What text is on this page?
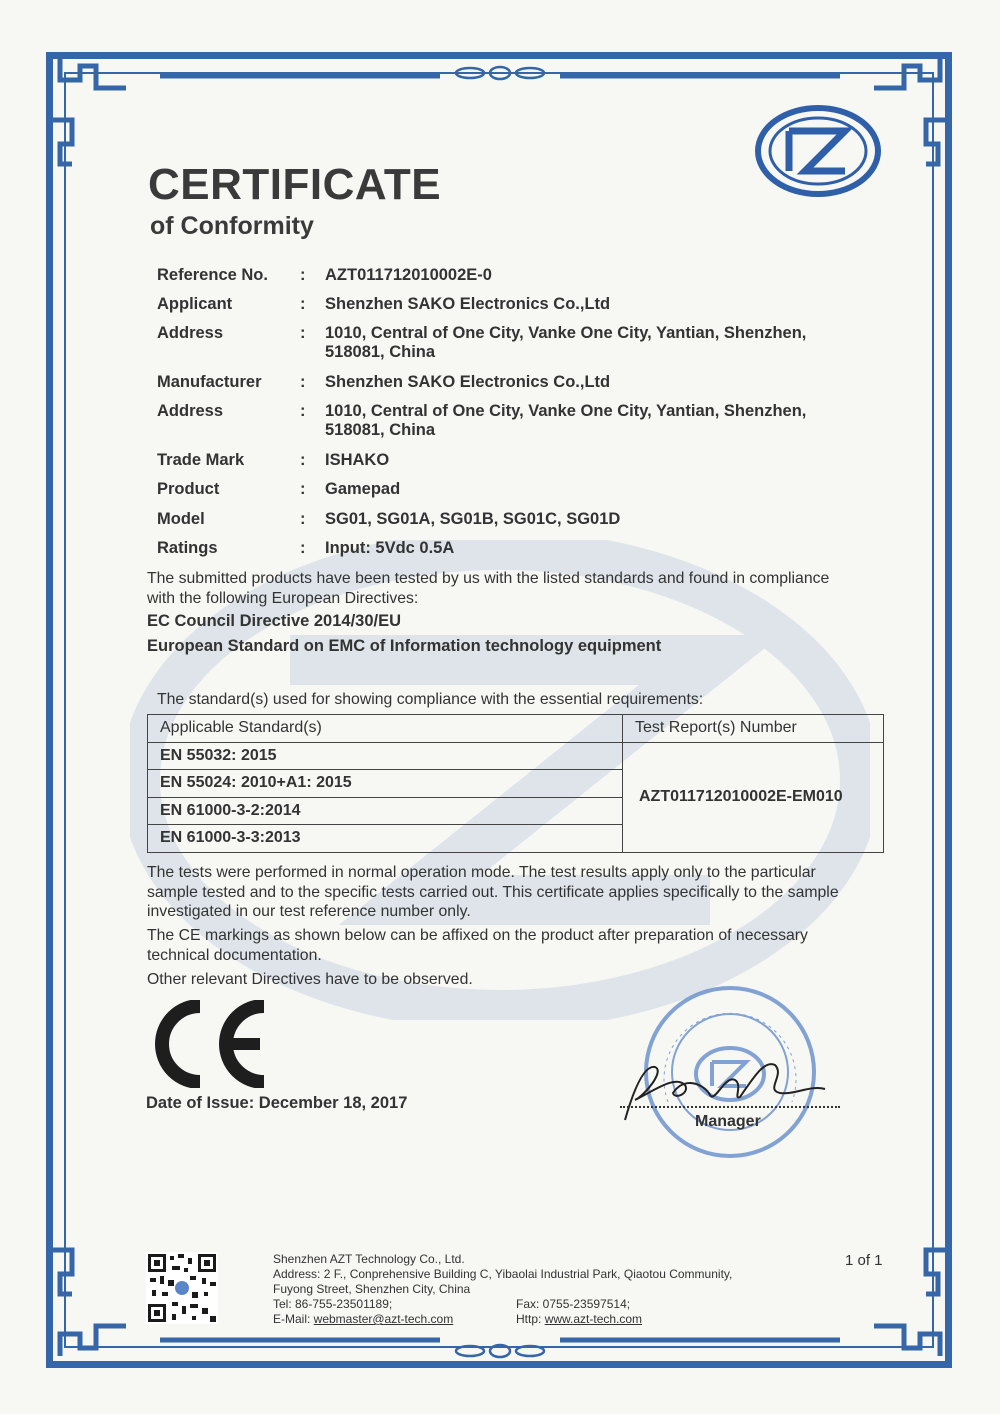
CERTIFICATE
of Conformity
Reference No.	: AZT011712010002E-0
Applicant	: Shenzhen SAKO Electronics Co.,Ltd
Address	: 1010, Central of One City, Vanke One City, Yantian, Shenzhen,
518081, China
Manufacturer	: Shenzhen SAKO Electronics Co.,Ltd
Address	: 1010, Central of One City, Vanke One City, Yantian, Shenzhen,
518081, China
Trade Mark	: ISHAKO
Product	: Gamepad
Model	: SG01, SG01A, SG01B, SG01C, SG01D
Ratings	: Input: 5Vdc 0.5A
The submitted products have been tested by us with the listed standards and found in compliance
with the following European Directives:
EC Council Directive 2014/30/EU
European Standard on EMC of Information technology equipment
The standard(s) used for showing compliance with the essential requirements:
Applicable Standard(s)	Test Report(s) Number
EN 55032: 2015	AZT011712010002E-EM010
EN 55024: 2010+A1: 2015	
EN 61000-3-2:2014	
EN 61000-3-3:2013	
The tests were performed in normal operation mode. The test results apply only to the particular
sample tested and to the specific tests carried out. This certificate applies specifically to the sample
investigated in our test reference number only.
The CE markings as shown below can be affixed on the product after preparation of necessary
technical documentation.
Other relevant Directives have to be observed.
Date of Issue: December 18, 2017
Manager
Shenzhen AZT Technology Co., Ltd.
Address: 2 F., Conprehensive Building C, Yibaolai Industrial Park, Qiaotou Community,
Fuyong Street, Shenzhen City, China
Tel: 86-755-23501189;	Fax: 0755-23597514;
E-Mail: webmaster@azt-tech.com	Http: www.azt-tech.com
1 of 1
